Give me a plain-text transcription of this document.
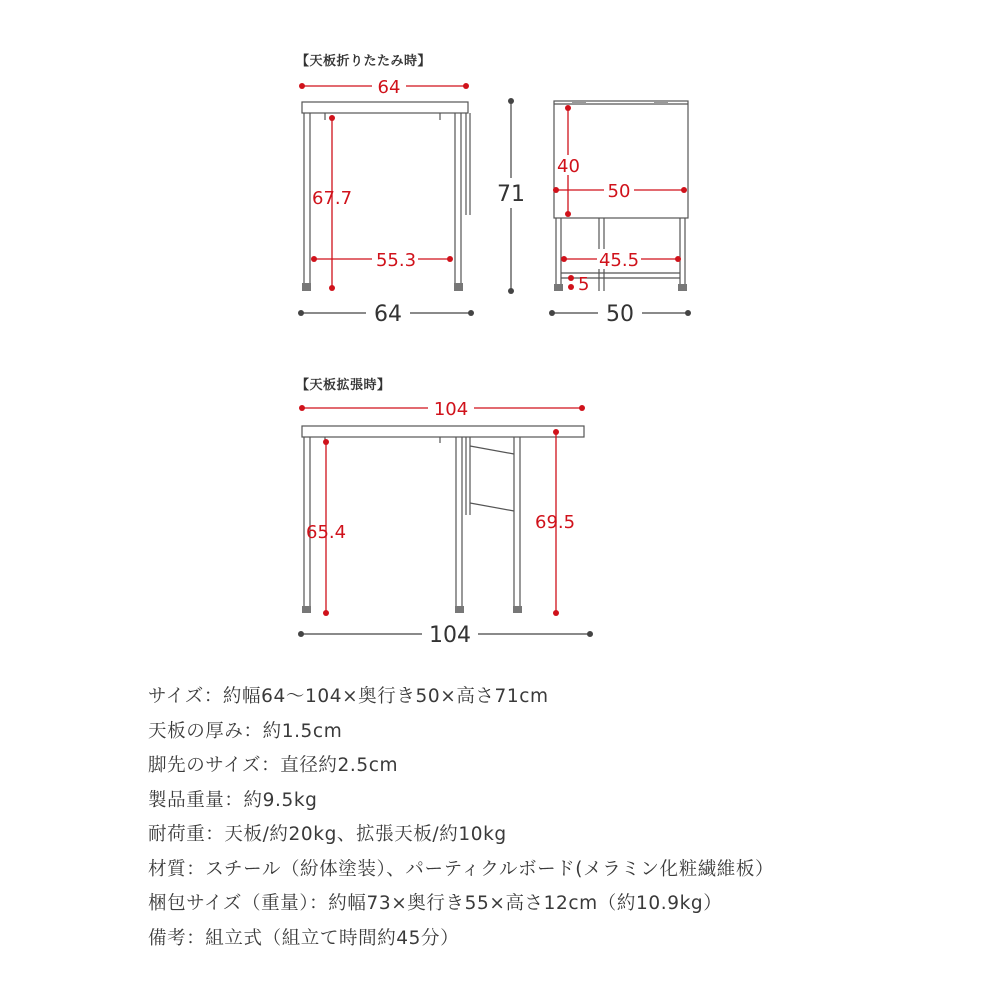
【天板折りたたみ時】
【天板拡張時】
64
67.7
55.3
71
64
40
50
45.5
5
50
104
65.4	69.5
104
サイズ：約幅64～104×奥行き50×高さ71cm
天板の厚み：約1.5cm
脚先のサイズ：直径約2.5cm
製品重量：約9.5kg
耐荷重：天板/約20kg、拡張天板/約10kg
材質：スチール（紛体塗装）、パーティクルボード(メラミン化粧繊維板）
梱包サイズ（重量）：約幅73×奥行き55×高さ12cm（約10.9kg）
備考：組立式（組立て時間約45分）
